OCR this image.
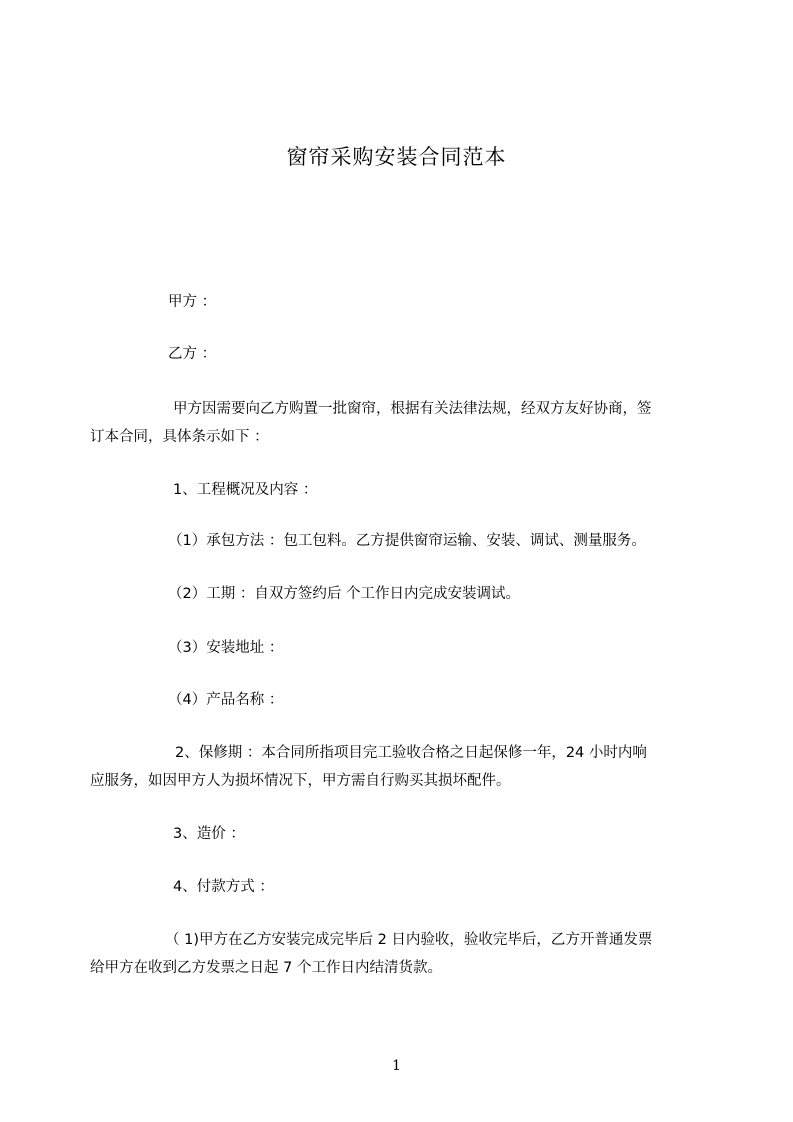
窗帘采购安装合同范本
甲方 ：
乙方 ：
甲方因需要向乙方购置一批窗帘，根据有关法律法规，经双方友好协商，签
订本合同，具体条示如下 ：
1、工程概况及内容 ：
（1）承包方法 ：包工包料。乙方提供窗帘运输、安装、调试、测量服务。
（2）工期 ：自双方签约后 个工作日内完成安装调试。
（3）安装地址 ：
（4）产品名称 ：
2、保修期 ：本合同所指项目完工验收合格之日起保修一年，24 小时内响
应服务，如因甲方人为损坏情况下，甲方需自行购买其损坏配件。
3、造价 ：
4、付款方式 ：
（ 1)甲方在乙方安装完成完毕后 2 日内验收，验收完毕后，乙方开普通发票
给甲方在收到乙方发票之日起 7 个工作日内结清货款。
1
